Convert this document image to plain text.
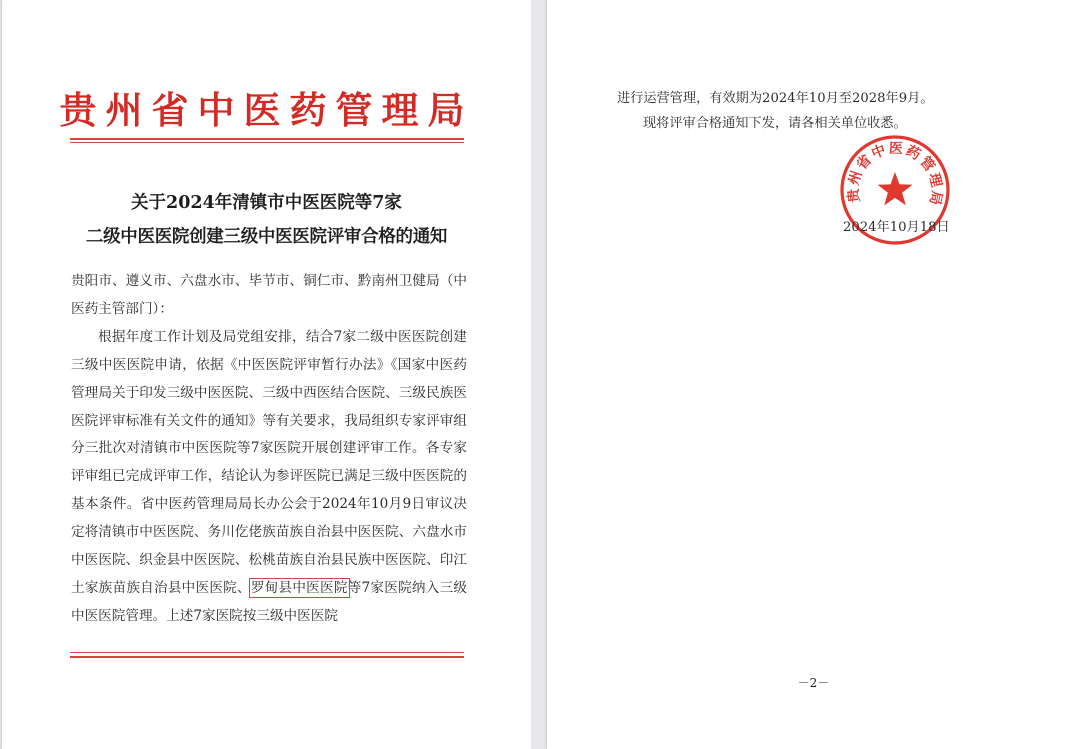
贵州省中医药管理局
关于2024年清镇市中医医院等7家
二级中医医院创建三级中医医院评审合格的通知

贵阳市、遵义市、六盘水市、毕节市、铜仁市、黔南州卫健局（中医药主管部门）：

根据年度工作计划及局党组安排，结合7家二级中医医院创建三级中医医院申请，依据《中医医院评审暂行办法》《国家中医药管理局关于印发三级中医医院、三级中西医结合医院、三级民族医医院评审标准有关文件的通知》等有关要求，我局组织专家评审组分三批次对清镇市中医医院等7家医院开展创建评审工作。各专家评审组已完成评审工作，结论认为参评医院已满足三级中医医院的基本条件。省中医药管理局局长办公会于2024年10月9日审议决定将清镇市中医医院、务川仡佬族苗族自治县中医医院、六盘水市中医医院、织金县中医医院、松桃苗族自治县民族中医医院、印江土家族苗族自治县中医医院、罗甸县中医医院等7家医院纳入三级中医医院管理。上述7家医院按三级中医医院

进行运营管理，有效期为2024年10月至2028年9月。
现将评审合格通知下发，请各相关单位收悉。
贵州省中医药管理局
2024年10月18日
－2－
